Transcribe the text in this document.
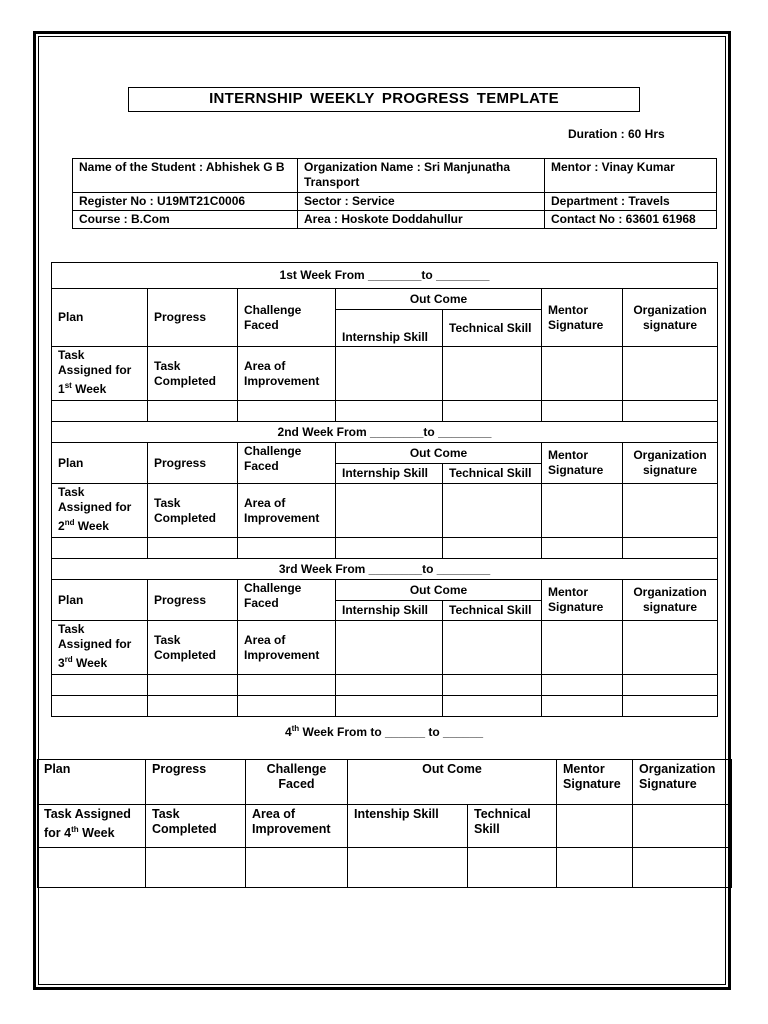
INTERNSHIP WEEKLY PROGRESS TEMPLATE
Duration : 60 Hrs
Name of the Student : Abhishek G B	Organization Name : Sri Manjunatha Transport	Mentor : Vinay Kumar
Register No : U19MT21C0006	Sector : Service	Department : Travels
Course : B.Com	Area : Hoskote Doddahullur	Contact No : 63601 61968
1st Week From ________to ________						
Plan	Progress	Challenge Faced	Out Come		Mentor Signature	Organization signature
			Internship Skill	Technical Skill		
Task Assigned for 1st Week	Task Completed	Area of Improvement				

2nd Week From ________to ________						
Plan	Progress	Challenge Faced	Out Come		Mentor Signature	Organization signature
			Internship Skill	Technical Skill		
Task Assigned for 2nd Week	Task Completed	Area of Improvement				

3rd Week From ________to ________						
Plan	Progress	Challenge Faced	Out Come		Mentor Signature	Organization signature
			Internship Skill	Technical Skill		
Task Assigned for 3rd Week	Task Completed	Area of Improvement				

4th Week From to ______ to ______
Plan	Progress	Challenge Faced	Out Come		Mentor Signature	Organization Signature
Task Assigned for 4th Week	Task Completed	Area of Improvement	Intenship Skill	Technical Skill		
